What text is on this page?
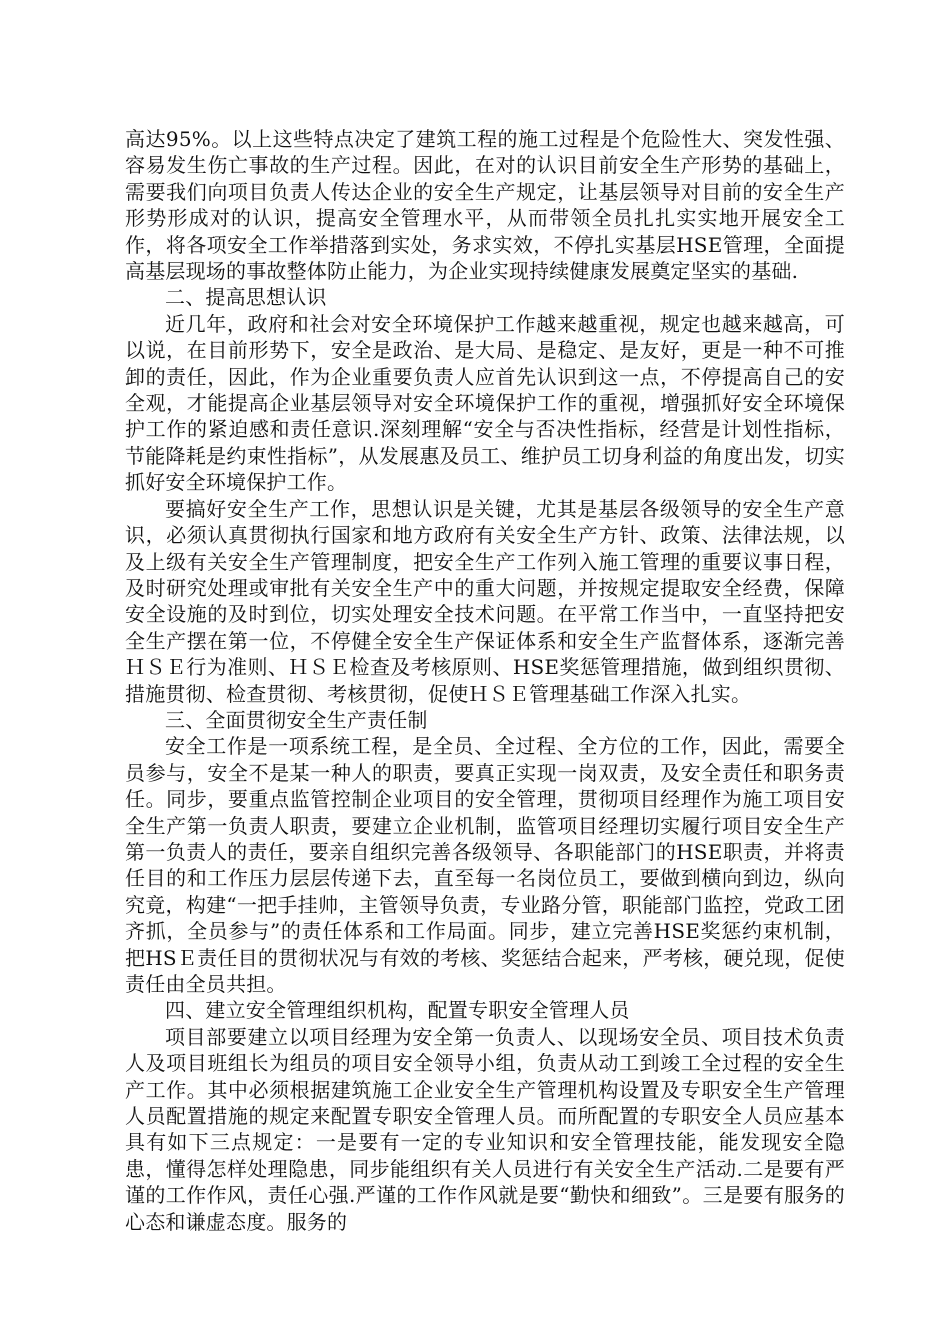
高达95%。以上这些特点决定了建筑工程的施工过程是个危险性大、突发性强、容易发生伤亡事故的生产过程。因此，在对的认识目前安全生产形势的基础上，需要我们向项目负责人传达企业的安全生产规定，让基层领导对目前的安全生产形势形成对的认识，提高安全管理水平，从而带领全员扎扎实实地开展安全工作，将各项安全工作举措落到实处，务求实效，不停扎实基层HSE管理，全面提高基层现场的事故整体防止能力，为企业实现持续健康发展奠定坚实的基础.

二、提高思想认识

近几年，政府和社会对安全环境保护工作越来越重视，规定也越来越高，可以说，在目前形势下，安全是政治、是大局、是稳定、是友好，更是一种不可推卸的责任，因此，作为企业重要负责人应首先认识到这一点，不停提高自己的安全观，才能提高企业基层领导对安全环境保护工作的重视，增强抓好安全环境保护工作的紧迫感和责任意识.深刻理解“安全与否决性指标，经营是计划性指标，节能降耗是约束性指标”，从发展惠及员工、维护员工切身利益的角度出发，切实抓好安全环境保护工作。

要搞好安全生产工作，思想认识是关键，尤其是基层各级领导的安全生产意识，必须认真贯彻执行国家和地方政府有关安全生产方针、政策、法律法规，以及上级有关安全生产管理制度，把安全生产工作列入施工管理的重要议事日程，及时研究处理或审批有关安全生产中的重大问题，并按规定提取安全经费，保障安全设施的及时到位，切实处理安全技术问题。在平常工作当中，一直坚持把安全生产摆在第一位，不停健全安全生产保证体系和安全生产监督体系，逐渐完善ＨＳＥ行为准则、ＨＳＥ检查及考核原则、HSE奖惩管理措施，做到组织贯彻、措施贯彻、检查贯彻、考核贯彻，促使ＨＳＥ管理基础工作深入扎实。

三、全面贯彻安全生产责任制

安全工作是一项系统工程，是全员、全过程、全方位的工作，因此，需要全员参与，安全不是某一种人的职责，要真正实现一岗双责，及安全责任和职务责任。同步，要重点监管控制企业项目的安全管理，贯彻项目经理作为施工项目安全生产第一负责人职责，要建立企业机制，监管项目经理切实履行项目安全生产第一负责人的责任，要亲自组织完善各级领导、各职能部门的HSE职责，并将责任目的和工作压力层层传递下去，直至每一名岗位员工，要做到横向到边，纵向究竟，构建“一把手挂帅，主管领导负责，专业路分管，职能部门监控，党政工团齐抓，全员参与”的责任体系和工作局面。同步，建立完善HSE奖惩约束机制，把HSＥ责任目的贯彻状况与有效的考核、奖惩结合起来，严考核，硬兑现，促使责任由全员共担。

四、建立安全管理组织机构，配置专职安全管理人员

项目部要建立以项目经理为安全第一负责人、以现场安全员、项目技术负责人及项目班组长为组员的项目安全领导小组，负责从动工到竣工全过程的安全生产工作。其中必须根据建筑施工企业安全生产管理机构设置及专职安全生产管理人员配置措施的规定来配置专职安全管理人员。而所配置的专职安全人员应基本具有如下三点规定：一是要有一定的专业知识和安全管理技能，能发现安全隐患，懂得怎样处理隐患，同步能组织有关人员进行有关安全生产活动.二是要有严谨的工作作风，责任心强.严谨的工作作风就是要“勤快和细致”。三是要有服务的心态和谦虚态度。服务的
